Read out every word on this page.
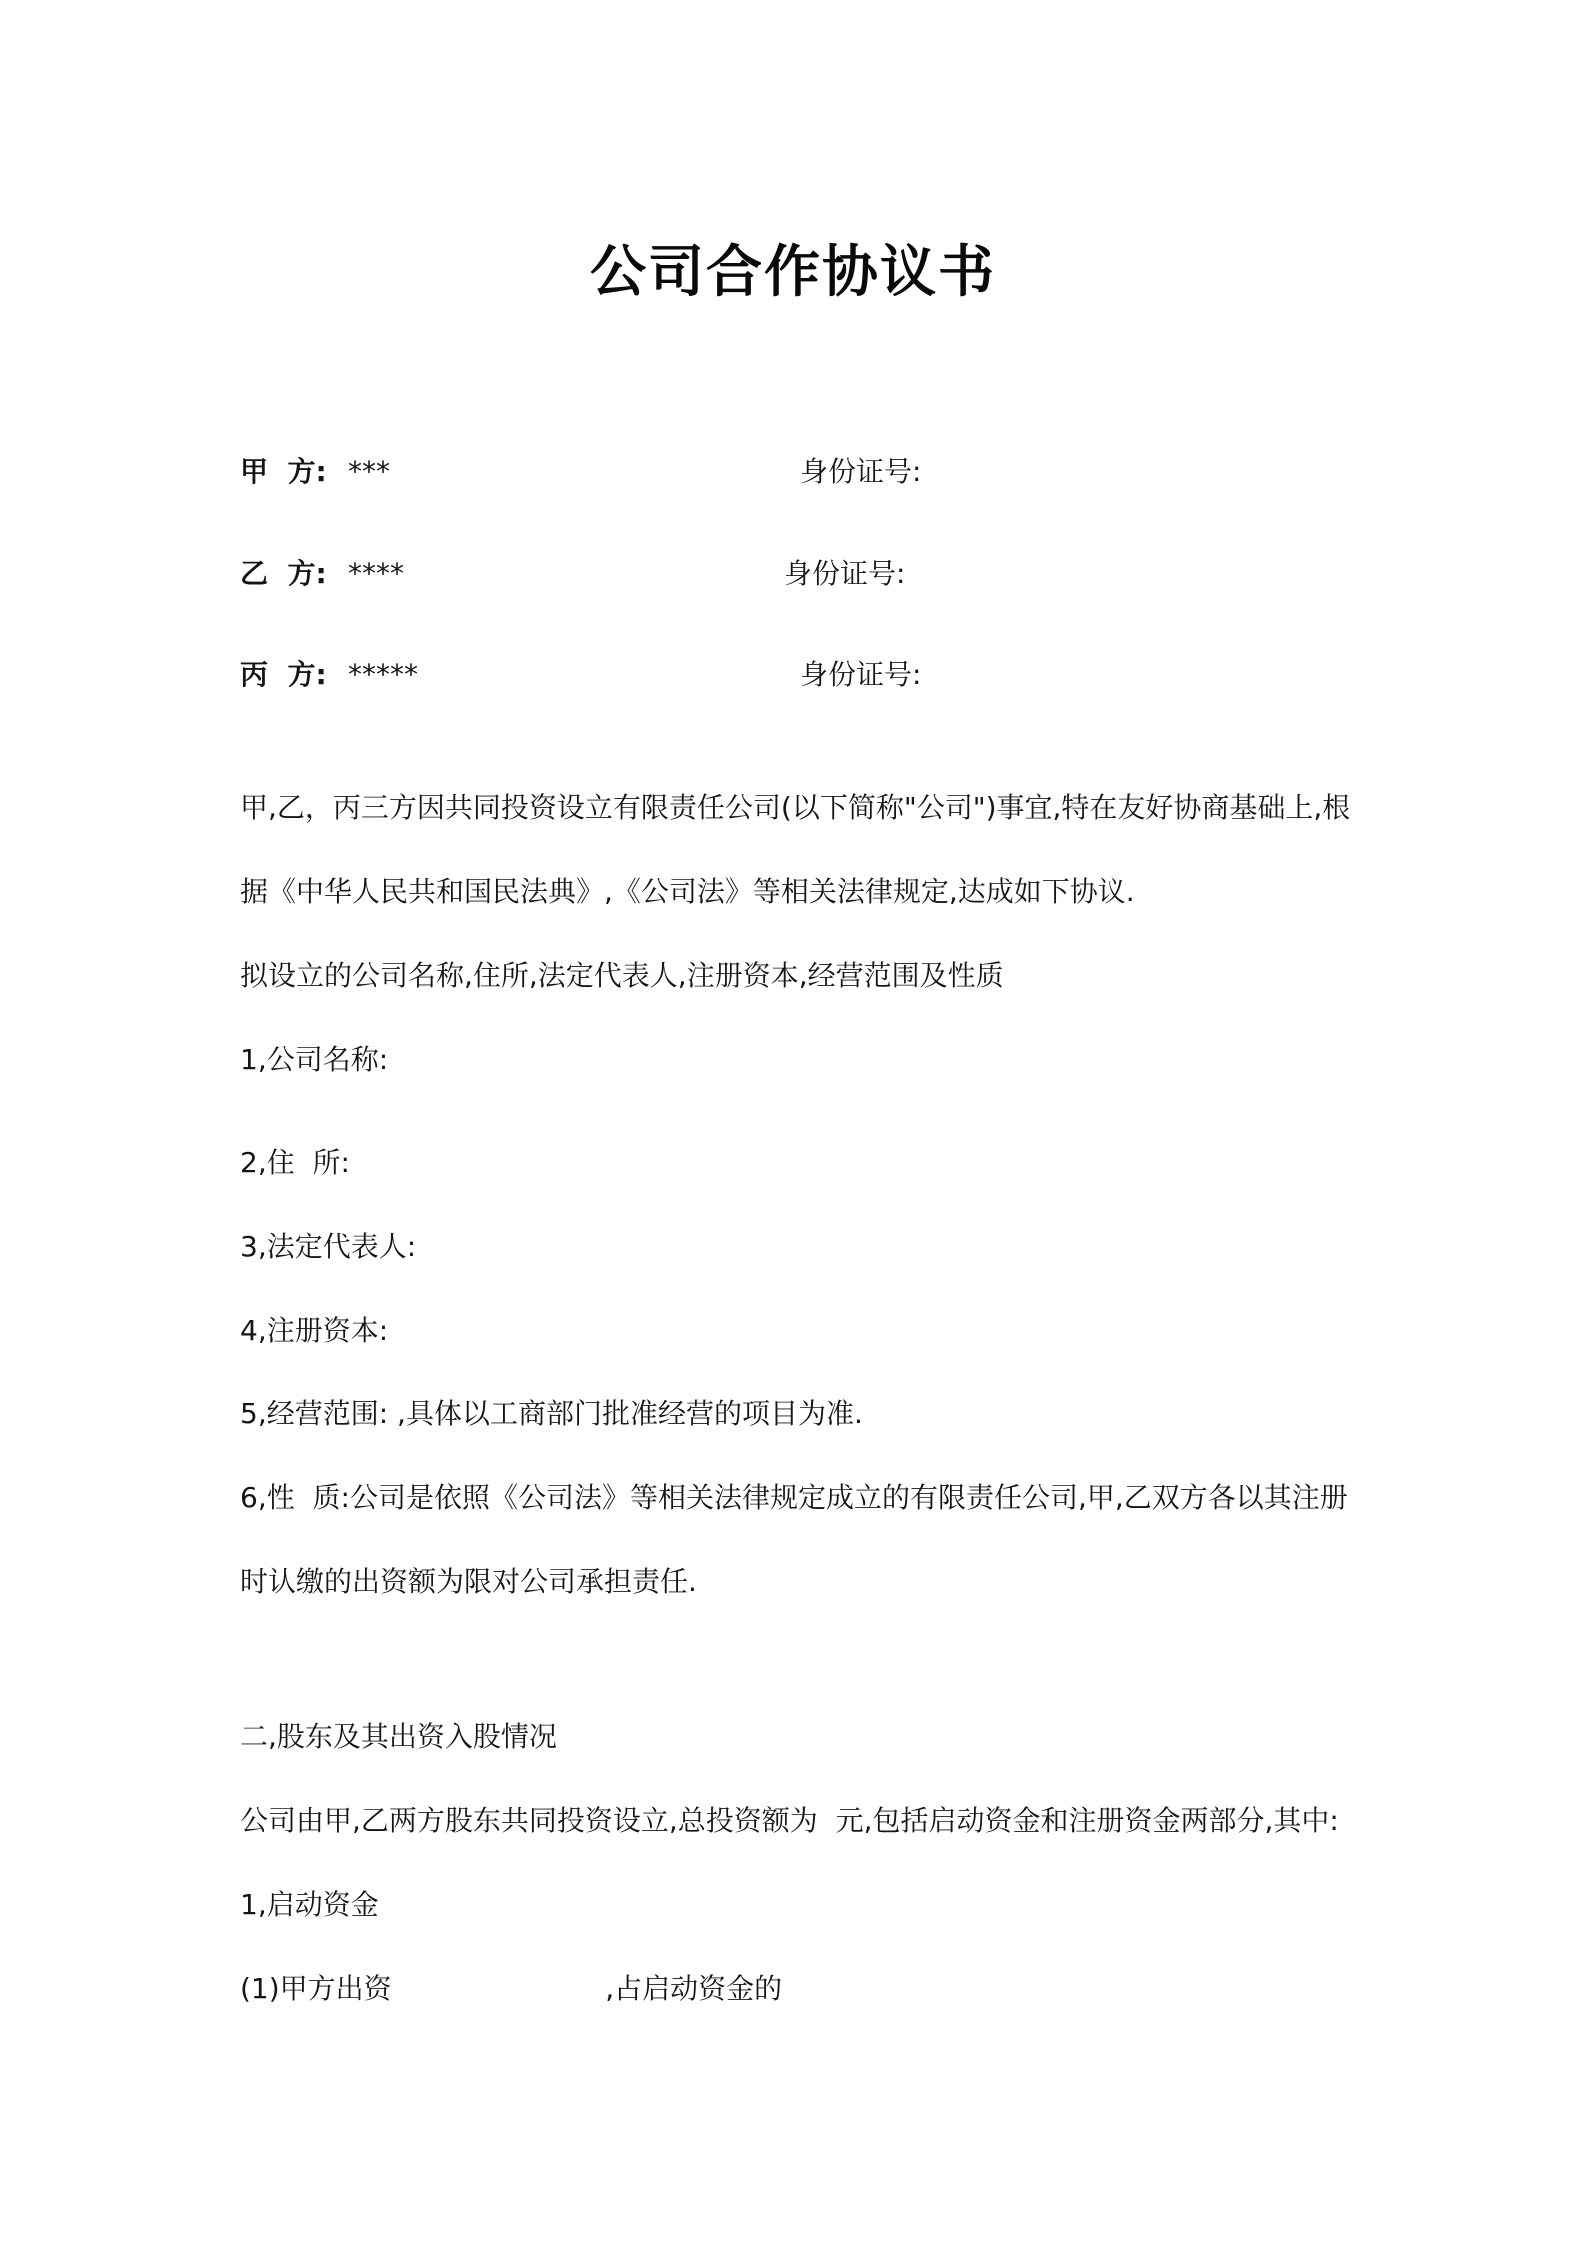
公司合作协议书
甲  方: ***	身份证号:
乙  方: ****	身份证号:
丙  方: *****	身份证号:
甲,乙，丙三方因共同投资设立有限责任公司(以下简称"公司")事宜,特在友好协商基础上,根
据《中华人民共和国民法典》,《公司法》等相关法律规定,达成如下协议.
拟设立的公司名称,住所,法定代表人,注册资本,经营范围及性质
1,公司名称:
2,住  所:
3,法定代表人:
4,注册资本:
5,经营范围: ,具体以工商部门批准经营的项目为准.
6,性  质:公司是依照《公司法》等相关法律规定成立的有限责任公司,甲,乙双方各以其注册
时认缴的出资额为限对公司承担责任.
二,股东及其出资入股情况
公司由甲,乙两方股东共同投资设立,总投资额为  元,包括启动资金和注册资金两部分,其中:
1,启动资金
(1)甲方出资                        ,占启动资金的
